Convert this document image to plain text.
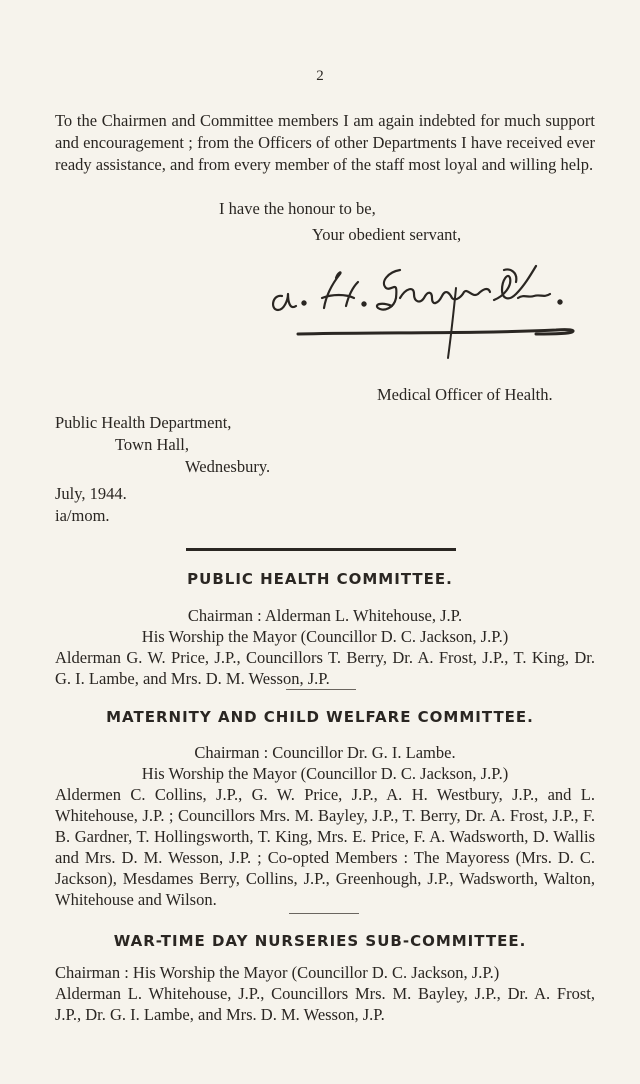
2
To the Chairmen and Committee members I am again indebted for much support and encouragement ; from the Officers of other Departments I have received ever ready assistance, and from every member of the staff most loyal and willing help.
I have the honour to be,
Your obedient servant,
Medical Officer of Health.
Public Health Department,
Town Hall,
Wednesbury.
July, 1944.
ia/mom.
PUBLIC HEALTH COMMITTEE.
Chairman : Alderman L. Whitehouse, J.P.
His Worship the Mayor (Councillor D. C. Jackson, J.P.)
Alderman G. W. Price, J.P., Councillors T. Berry, Dr. A. Frost, J.P., T. King, Dr. G. I. Lambe, and Mrs. D. M. Wesson, J.P.
MATERNITY AND CHILD WELFARE COMMITTEE.
Chairman : Councillor Dr. G. I. Lambe.
His Worship the Mayor (Councillor D. C. Jackson, J.P.)
Aldermen C. Collins, J.P., G. W. Price, J.P., A. H. Westbury, J.P., and L. Whitehouse, J.P. ; Councillors Mrs. M. Bayley, J.P., T. Berry, Dr. A. Frost, J.P., F. B. Gardner, T. Hollingsworth, T. King, Mrs. E. Price, F. A. Wadsworth, D. Wallis and Mrs. D. M. Wesson, J.P. ; Co-opted Members : The Mayoress (Mrs. D. C. Jackson), Mesdames Berry, Collins, J.P., Greenhough, J.P., Wadsworth, Walton, Whitehouse and Wilson.
WAR-TIME DAY NURSERIES SUB-COMMITTEE.
Chairman : His Worship the Mayor (Councillor D. C. Jackson, J.P.)
Alderman L. Whitehouse, J.P., Councillors Mrs. M. Bayley, J.P., Dr. A. Frost, J.P., Dr. G. I. Lambe, and Mrs. D. M. Wesson, J.P.
